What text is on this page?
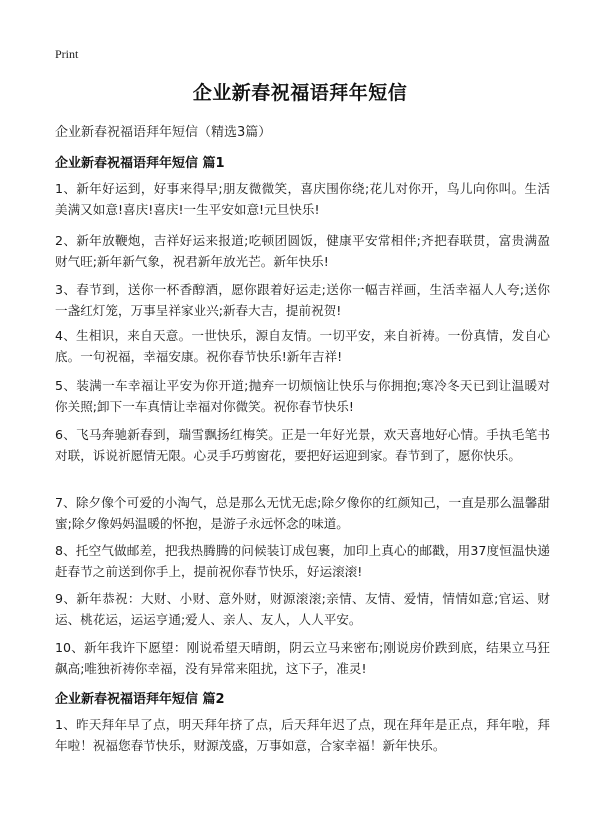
Print
企业新春祝福语拜年短信
企业新春祝福语拜年短信（精选3篇）
企业新春祝福语拜年短信 篇1
1、新年好运到，好事来得早;朋友微微笑，喜庆围你绕;花儿对你开，鸟儿向你叫。生活美满又如意!喜庆!喜庆!一生平安如意!元旦快乐!
2、新年放鞭炮，吉祥好运来报道;吃顿团圆饭，健康平安常相伴;齐把春联贯，富贵满盈财气旺;新年新气象，祝君新年放光芒。新年快乐!
3、春节到，送你一杯香醇酒，愿你跟着好运走;送你一幅吉祥画，生活幸福人人夸;送你一盏红灯笼，万事呈祥家业兴;新春大吉，提前祝贺!
4、生相识，来自天意。一世快乐，源自友情。一切平安，来自祈祷。一份真情，发自心底。一句祝福，幸福安康。祝你春节快乐!新年吉祥!
5、装满一车幸福让平安为你开道;抛弃一切烦恼让快乐与你拥抱;寒冷冬天已到让温暖对你关照;卸下一车真情让幸福对你微笑。祝你春节快乐!
6、飞马奔驰新春到，瑞雪飘扬红梅笑。正是一年好光景，欢天喜地好心情。手执毛笔书对联，诉说祈愿情无限。心灵手巧剪窗花，要把好运迎到家。春节到了，愿你快乐。
7、除夕像个可爱的小淘气，总是那么无忧无虑;除夕像你的红颜知己，一直是那么温馨甜蜜;除夕像妈妈温暖的怀抱，是游子永远怀念的味道。
8、托空气做邮差，把我热腾腾的问候装订成包裹，加印上真心的邮戳，用37度恒温快递赶春节之前送到你手上，提前祝你春节快乐，好运滚滚!
9、新年恭祝：大财、小财、意外财，财源滚滚;亲情、友情、爱情，情情如意;官运、财运、桃花运，运运亨通;爱人、亲人、友人，人人平安。
10、新年我许下愿望：刚说希望天晴朗，阴云立马来密布;刚说房价跌到底，结果立马狂飙高;唯独祈祷你幸福，没有异常来阻扰，这下子，准灵!
企业新春祝福语拜年短信 篇2
1、昨天拜年早了点，明天拜年挤了点，后天拜年迟了点，现在拜年是正点，拜年啦，拜年啦！祝福您春节快乐，财源茂盛，万事如意，合家幸福！新年快乐。
